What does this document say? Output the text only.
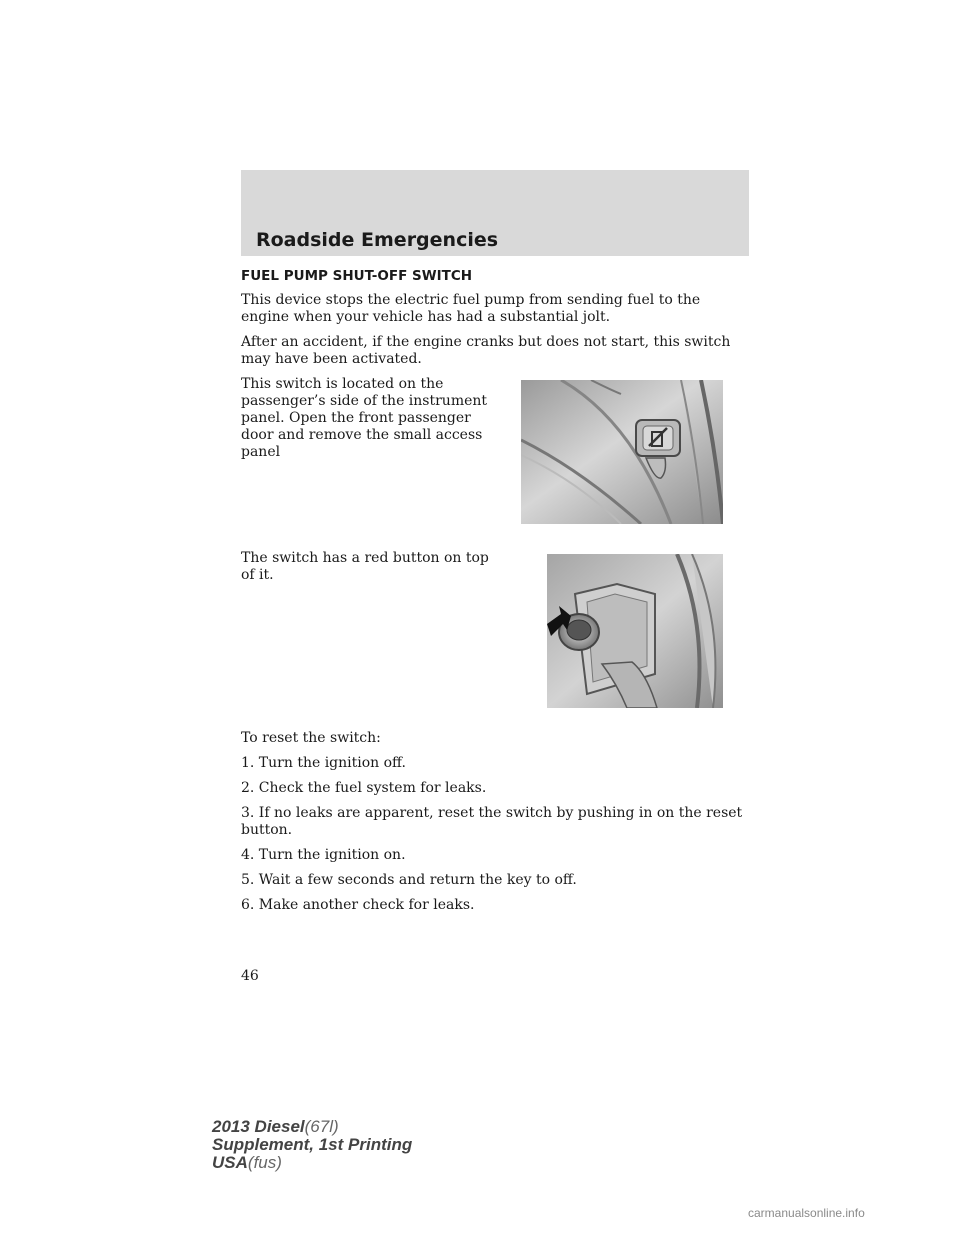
Roadside Emergencies
FUEL PUMP SHUT-OFF SWITCH

This device stops the electric fuel pump from sending fuel to the engine when your vehicle has had a substantial jolt.

After an accident, if the engine cranks but does not start, this switch may have been activated.

This switch is located on the passenger’s side of the instrument panel. Open the front passenger door and remove the small access panel

The switch has a red button on top of it.

To reset the switch:

1. Turn the ignition off.

2. Check the fuel system for leaks.

3. If no leaks are apparent, reset the switch by pushing in on the reset button.

4. Turn the ignition on.

5. Wait a few seconds and return the key to off.

6. Make another check for leaks.

46
2013 Diesel(67l)
Supplement, 1st Printing
USA(fus)
carmanualsonline.info
